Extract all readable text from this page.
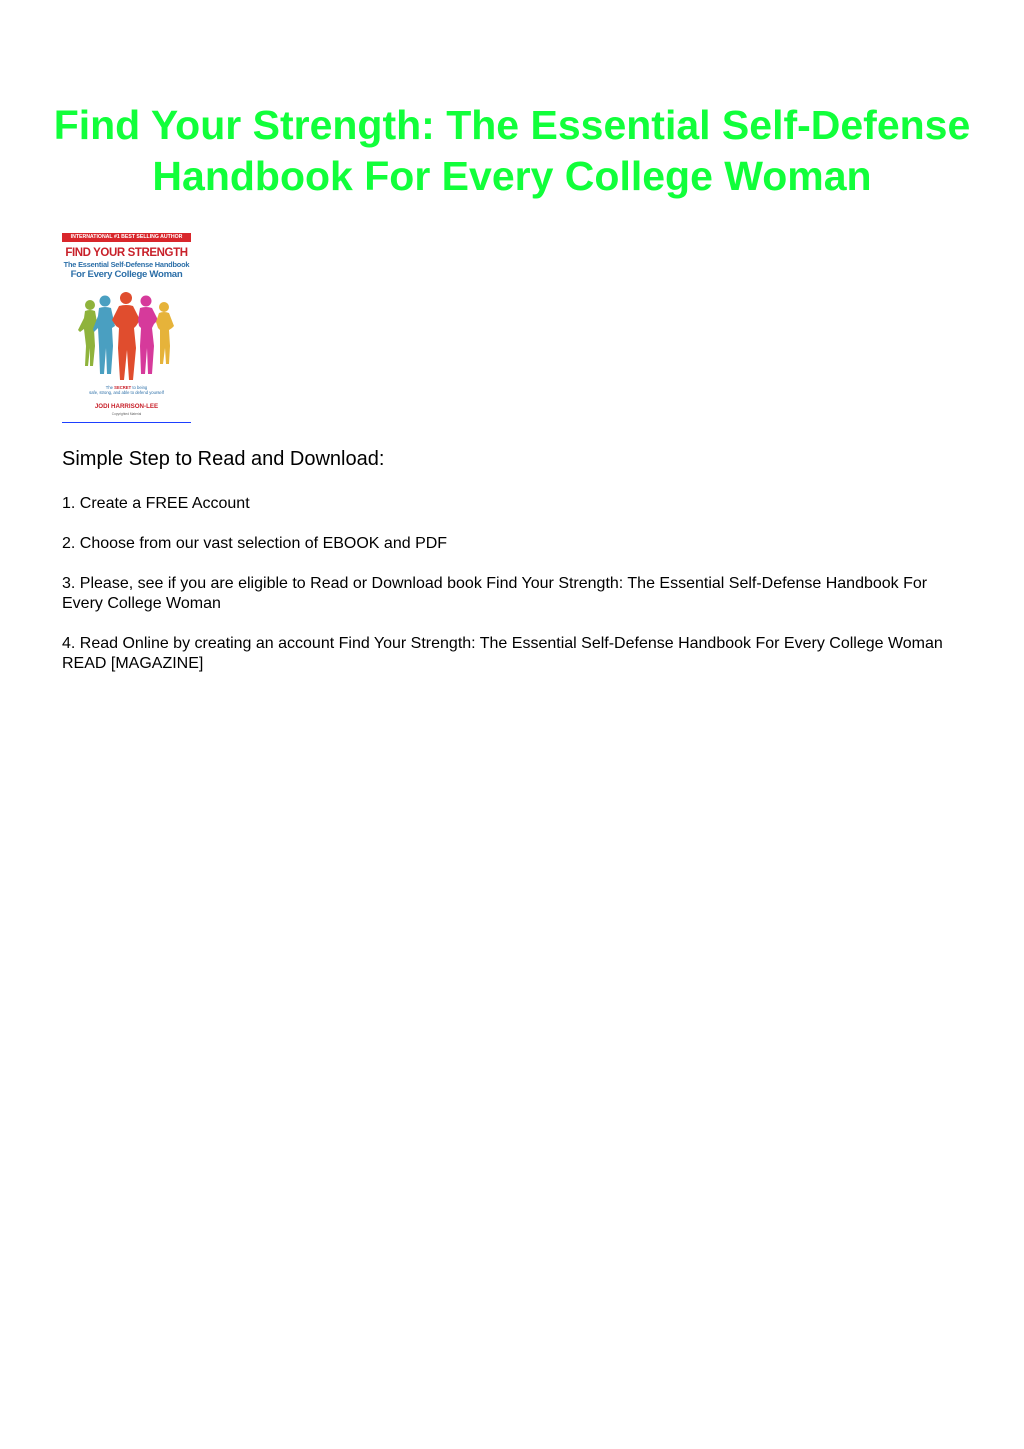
Find Your Strength: The Essential Self-Defense Handbook For Every College Woman
INTERNATIONAL #1 BEST SELLING AUTHOR
FIND YOUR STRENGTH
The Essential Self-Defense Handbook
For Every College Woman
The SECRET to being
safe, strong, and able to defend yourself
JODI HARRISON-LEE
Copyrighted Material
Simple Step to Read and Download:

1. Create a FREE Account

2. Choose from our vast selection of EBOOK and PDF

3. Please, see if you are eligible to Read or Download book Find Your Strength: The Essential Self-Defense Handbook For Every College Woman

4. Read Online by creating an account Find Your Strength: The Essential Self-Defense Handbook For Every College Woman READ [MAGAZINE]
